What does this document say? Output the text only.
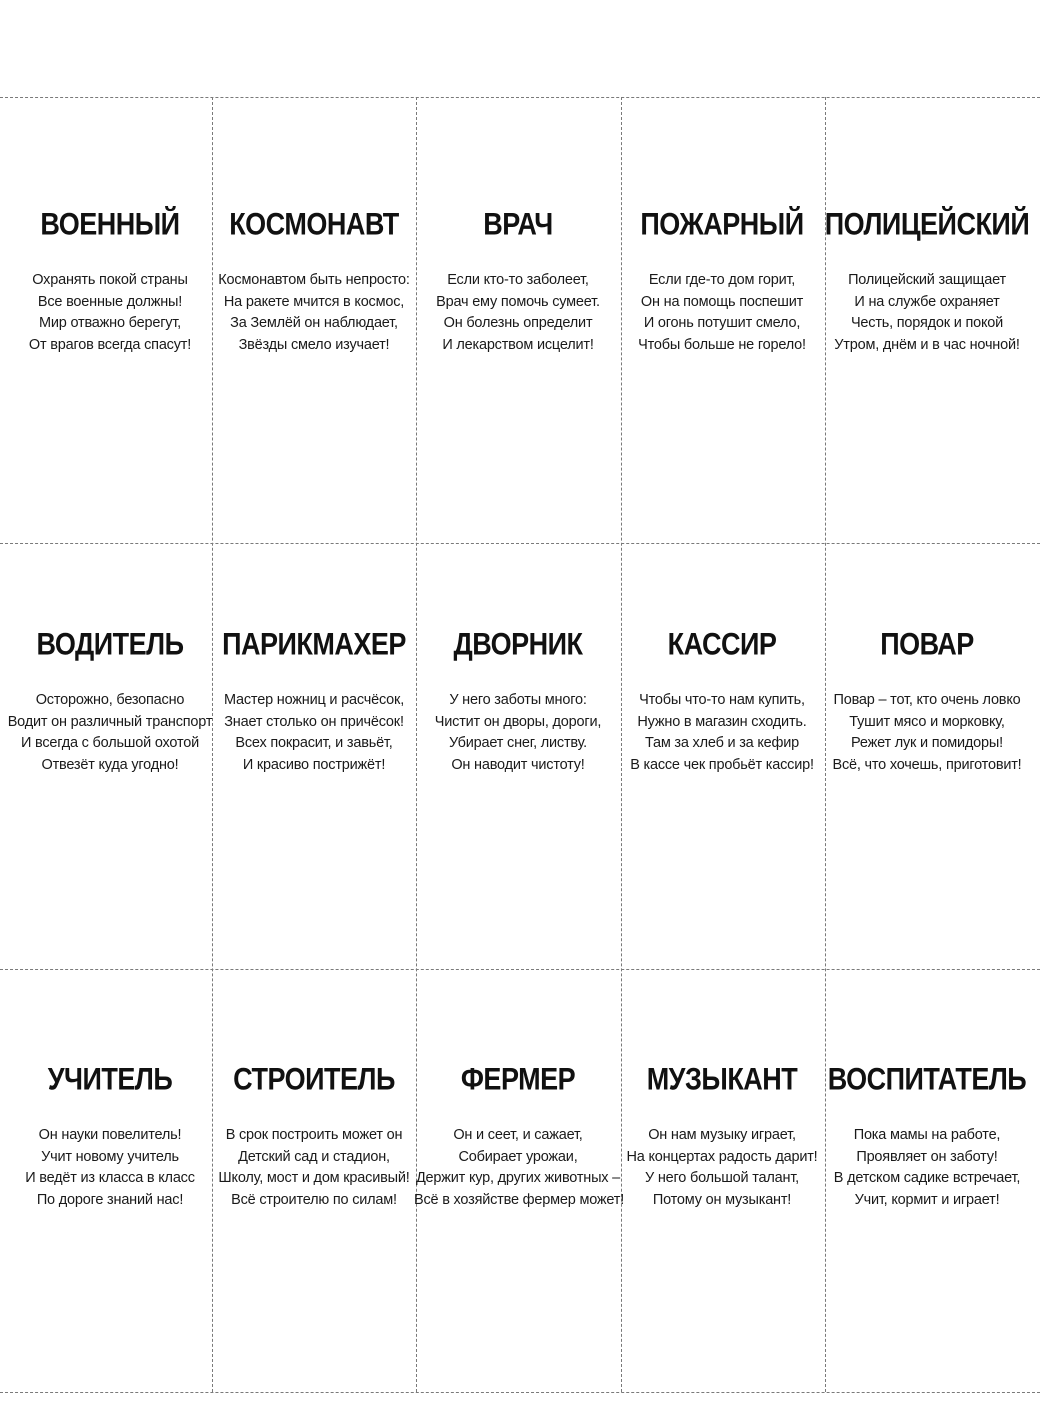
ВОЕННЫЙ
Охранять покой страны
Все военные должны!
Мир отважно берегут,
От врагов всегда спасут!
КОСМОНАВТ
Космонавтом быть непросто:
На ракете мчится в космос,
За Землёй он наблюдает,
Звёзды смело изучает!
ВРАЧ
Если кто-то заболеет,
Врач ему помочь сумеет.
Он болезнь определит
И лекарством исцелит!
ПОЖАРНЫЙ
Если где-то дом горит,
Он на помощь поспешит
И огонь потушит смело,
Чтобы больше не горело!
ПОЛИЦЕЙСКИЙ
Полицейский защищает
И на службе охраняет
Честь, порядок и покой
Утром, днём и в час ночной!
ВОДИТЕЛЬ
Осторожно, безопасно
Водит он различный транспорт
И всегда с большой охотой
Отвезёт куда угодно!
ПАРИКМАХЕР
Мастер ножниц и расчёсок,
Знает столько он причёсок!
Всех покрасит, и завьёт,
И красиво пострижёт!
ДВОРНИК
У него заботы много:
Чистит он дворы, дороги,
Убирает снег, листву.
Он наводит чистоту!
КАССИР
Чтобы что-то нам купить,
Нужно в магазин сходить.
Там за хлеб и за кефир
В кассе чек пробьёт кассир!
ПОВАР
Повар – тот, кто очень ловко
Тушит мясо и морковку,
Режет лук и помидоры!
Всё, что хочешь, приготовит!
УЧИТЕЛЬ
Он науки повелитель!
Учит новому учитель
И ведёт из класса в класс
По дороге знаний нас!
СТРОИТЕЛЬ
В срок построить может он
Детский сад и стадион,
Школу, мост и дом красивый!
Всё строителю по силам!
ФЕРМЕР
Он и сеет, и сажает,
Собирает урожаи,
Держит кур, других животных –
Всё в хозяйстве фермер может!
МУЗЫКАНТ
Он нам музыку играет,
На концертах радость дарит!
У него большой талант,
Потому он музыкант!
ВОСПИТАТЕЛЬ
Пока мамы на работе,
Проявляет он заботу!
В детском садике встречает,
Учит, кормит и играет!
